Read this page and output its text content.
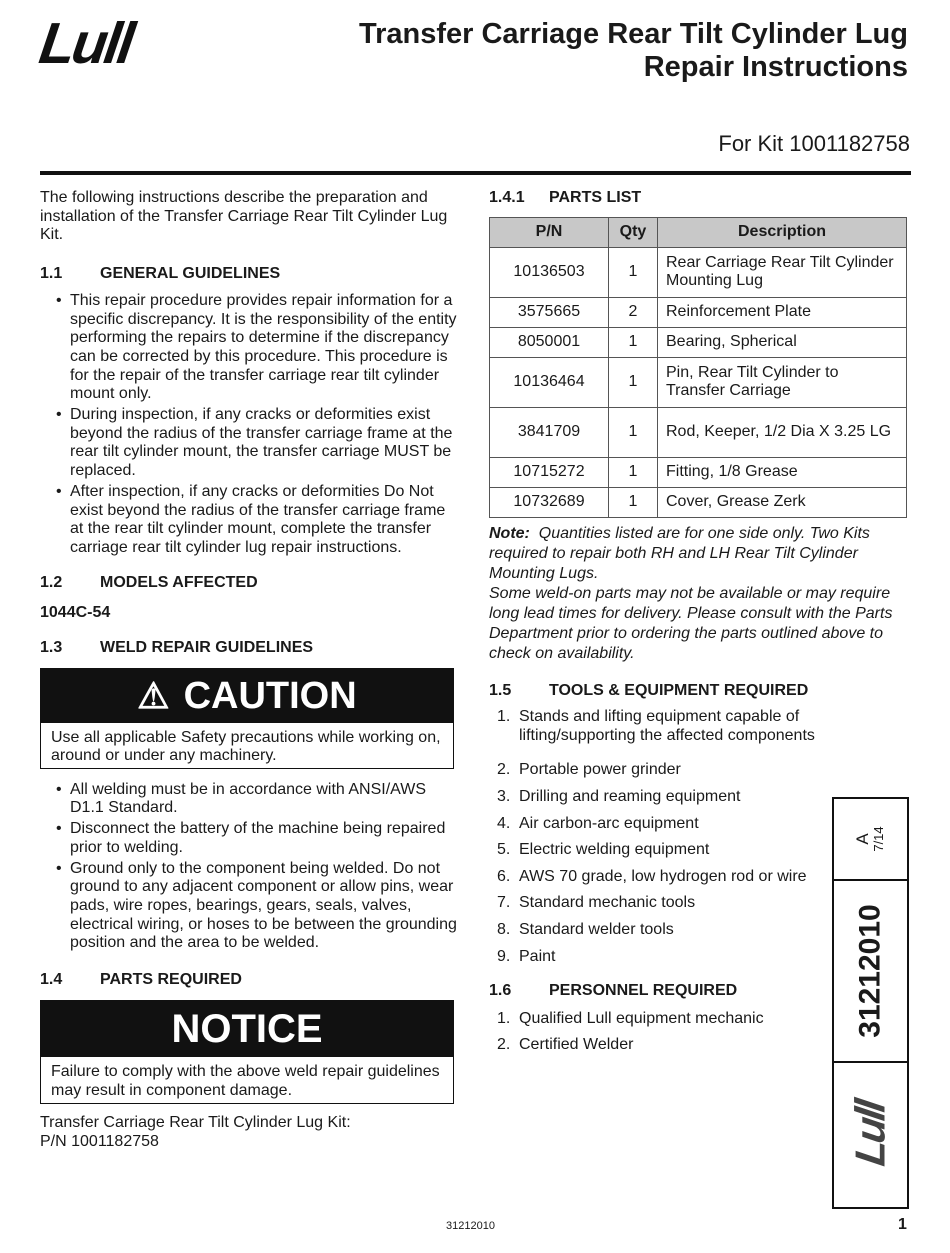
Lull	Transfer Carriage Rear Tilt Cylinder Lug
Repair Instructions
For Kit 1001182758

The following instructions describe the preparation and installation of the Transfer Carriage Rear Tilt Cylinder Lug Kit.

1.1 GENERAL GUIDELINES
• This repair procedure provides repair information for a specific discrepancy. It is the responsibility of the entity performing the repairs to determine if the discrepancy can be corrected by this procedure. This procedure is for the repair of the transfer carriage rear tilt cylinder mount only.
• During inspection, if any cracks or deformities exist beyond the radius of the transfer carriage frame at the rear tilt cylinder mount, the transfer carriage MUST be replaced.
• After inspection, if any cracks or deformities Do Not exist beyond the radius of the transfer carriage frame at the rear tilt cylinder mount, complete the transfer carriage rear tilt cylinder lug repair instructions.
1.2 MODELS AFFECTED
1044C-54
1.3 WELD REPAIR GUIDELINES
⚠ CAUTION
Use all applicable Safety precautions while working on, around or under any machinery.
• All welding must be in accordance with ANSI/AWS D1.1 Standard.
• Disconnect the battery of the machine being repaired prior to welding.
• Ground only to the component being welded. Do not ground to any adjacent component or allow pins, wear pads, wire ropes, bearings, gears, seals, valves, electrical wiring, or hoses to be between the grounding position and the area to be welded.
1.4 PARTS REQUIRED
NOTICE
Failure to comply with the above weld repair guidelines may result in component damage.
Transfer Carriage Rear Tilt Cylinder Lug Kit:
P/N 1001182758
1.4.1 PARTS LIST
P/N	Qty	Description
10136503	1	Rear Carriage Rear Tilt Cylinder Mounting Lug
3575665	2	Reinforcement Plate
8050001	1	Bearing, Spherical
10136464	1	Pin, Rear Tilt Cylinder to Transfer Carriage
3841709	1	Rod, Keeper, 1/2 Dia X 3.25 LG
10715272	1	Fitting, 1/8 Grease
10732689	1	Cover, Grease Zerk
Note: Quantities listed are for one side only. Two Kits required to repair both RH and LH Rear Tilt Cylinder Mounting Lugs.
Some weld-on parts may not be available or may require long lead times for delivery. Please consult with the Parts Department prior to ordering the parts outlined above to check on availability.
1.5 TOOLS & EQUIPMENT REQUIRED
1. Stands and lifting equipment capable of lifting/supporting the affected components
2. Portable power grinder
3. Drilling and reaming equipment
4. Air carbon-arc equipment
5. Electric welding equipment
6. AWS 70 grade, low hydrogen rod or wire
7. Standard mechanic tools
8. Standard welder tools
9. Paint
1.6 PERSONNEL REQUIRED
1. Qualified Lull equipment mechanic
2. Certified Welder
A 7/14
31212010
Lull
31212010	1
